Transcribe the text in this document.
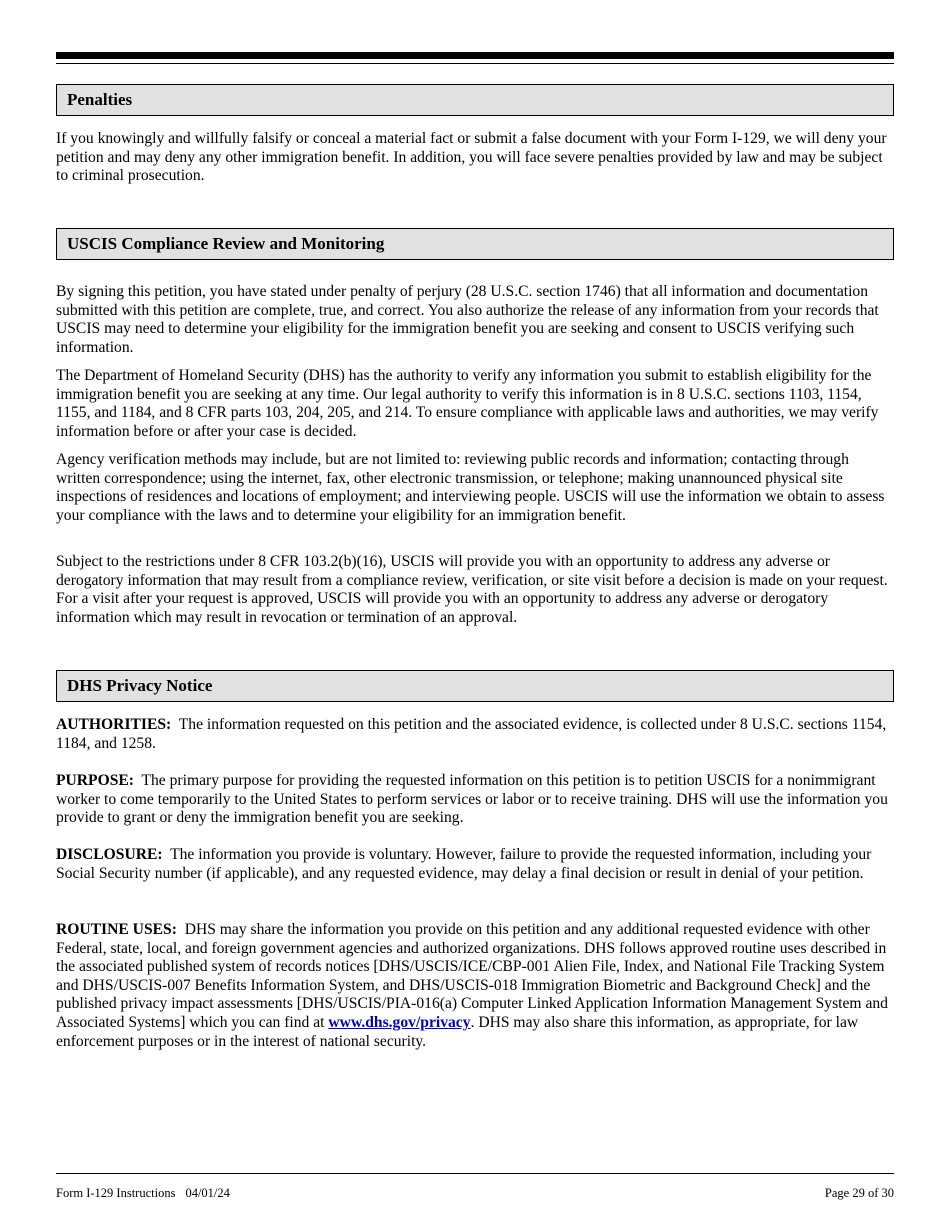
Penalties

If you knowingly and willfully falsify or conceal a material fact or submit a false document with your Form I-129, we will deny your petition and may deny any other immigration benefit. In addition, you will face severe penalties provided by law and may be subject to criminal prosecution.

USCIS Compliance Review and Monitoring

By signing this petition, you have stated under penalty of perjury (28 U.S.C. section 1746) that all information and documentation submitted with this petition are complete, true, and correct. You also authorize the release of any information from your records that USCIS may need to determine your eligibility for the immigration benefit you are seeking and consent to USCIS verifying such information.

The Department of Homeland Security (DHS) has the authority to verify any information you submit to establish eligibility for the immigration benefit you are seeking at any time. Our legal authority to verify this information is in 8 U.S.C. sections 1103, 1154, 1155, and 1184, and 8 CFR parts 103, 204, 205, and 214. To ensure compliance with applicable laws and authorities, we may verify information before or after your case is decided.

Agency verification methods may include, but are not limited to: reviewing public records and information; contacting through written correspondence; using the internet, fax, other electronic transmission, or telephone; making unannounced physical site inspections of residences and locations of employment; and interviewing people. USCIS will use the information we obtain to assess your compliance with the laws and to determine your eligibility for an immigration benefit.

Subject to the restrictions under 8 CFR 103.2(b)(16), USCIS will provide you with an opportunity to address any adverse or derogatory information that may result from a compliance review, verification, or site visit before a decision is made on your request. For a visit after your request is approved, USCIS will provide you with an opportunity to address any adverse or derogatory information which may result in revocation or termination of an approval.

DHS Privacy Notice

AUTHORITIES: The information requested on this petition and the associated evidence, is collected under 8 U.S.C. sections 1154, 1184, and 1258.

PURPOSE: The primary purpose for providing the requested information on this petition is to petition USCIS for a nonimmigrant worker to come temporarily to the United States to perform services or labor or to receive training. DHS will use the information you provide to grant or deny the immigration benefit you are seeking.

DISCLOSURE: The information you provide is voluntary. However, failure to provide the requested information, including your Social Security number (if applicable), and any requested evidence, may delay a final decision or result in denial of your petition.

ROUTINE USES: DHS may share the information you provide on this petition and any additional requested evidence with other Federal, state, local, and foreign government agencies and authorized organizations. DHS follows approved routine uses described in the associated published system of records notices [DHS/USCIS/ICE/CBP-001 Alien File, Index, and National File Tracking System and DHS/USCIS-007 Benefits Information System, and DHS/USCIS-018 Immigration Biometric and Background Check] and the published privacy impact assessments [DHS/USCIS/PIA-016(a) Computer Linked Application Information Management System and Associated Systems] which you can find at www.dhs.gov/privacy. DHS may also share this information, as appropriate, for law enforcement purposes or in the interest of national security.

Form I-129 Instructions 04/01/24	Page 29 of 30
